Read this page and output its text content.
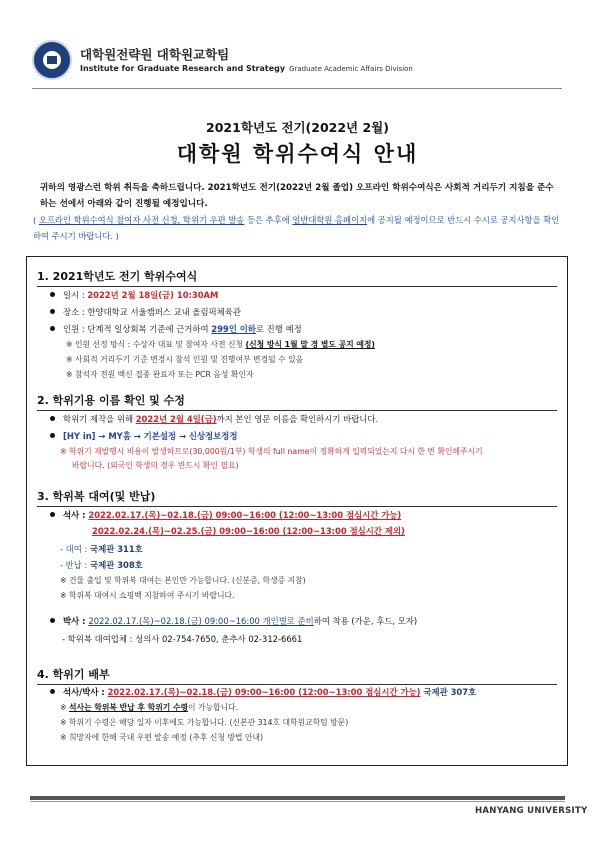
대학원전략원 대학원교학팀
Institute for Graduate Research and Strategy Graduate Academic Affairs Division
2021학년도 전기(2022년 2월)
대학원 학위수여식 안내
귀하의 영광스런 학위 취득을 축하드립니다. 2021학년도 전기(2022년 2월 졸업) 오프라인 학위수여식은 사회적 거리두기 지침을 준수하는 선에서 아래와 같이 진행될 예정입니다.
( 오프라인 학위수여식 참여자 사전 신청, 학위기 우편 발송 등은 추후에 일반대학원 홈페이지에 공지될 예정이므로 반드시 수시로 공지사항을 확인하여 주시기 바랍니다. )
1. 2021학년도 전기 학위수여식
일시 : 2022년 2월 18일(금) 10:30AM
장소 : 한양대학교 서울캠퍼스 교내 올림픽체육관
인원 : 단계적 일상회복 기준에 근거하여 299인 이하로 진행 예정
※ 인원 선정 방식 : 수상자 대표 및 참여자 사전 신청 (신청 방식 1월 말 경 별도 공지 예정)
※ 사회적 거리두기 기준 변경시 참석 인원 및 진행여부 변경될 수 있음
※ 참석자 전원 백신 접종 완료자 또는 PCR 음성 확인자
2. 학위기용 이름 확인 및 수정
학위기 제작을 위해 2022년 2월 4일(금)까지 본인 영문 이름을 확인하시기 바랍니다.
[HY in] → MY홈 → 기본설정 → 신상정보정정
※ 학위기 재발행시 비용이 발생하므로(30,000원/1부) 학생의 full name이 정확하게 입력되었는지 다시 한 번 확인해주시기
바랍니다. (외국인 학생의 경우 반드시 확인 필요)
3. 학위복 대여(및 반납)
석사 : 2022.02.17.(목)~02.18.(금) 09:00~16:00 (12:00~13:00 점심시간 가능)
2022.02.24.(목)~02.25.(금) 09:00~16:00 (12:00~13:00 점심시간 제외)
- 대여 : 국제관 311호
- 반납 : 국제관 308호
※ 건물 출입 및 학위복 대여는 본인만 가능합니다. (신분증, 학생증 지참)
※ 학위복 대여시 쇼핑백 지참하여 주시기 바랍니다.
박사 : 2022.02.17.(목)~02.18.(금) 09:00~16:00 개인별로 준비하여 착용 (가운, 후드, 모자)
- 학위복 대여업체 : 성의사 02-754-7650, 춘추사 02-312-6661
4. 학위기 배부
석사/박사 : 2022.02.17.(목)~02.18.(금) 09:00~16:00 (12:00~13:00 점심시간 가능) 국제관 307호
※ 석사는 학위복 반납 후 학위기 수령이 가능합니다.
※ 학위기 수령은 해당 일자 이후에도 가능합니다. (신본관 314호 대학원교학팀 방문)
※ 희망자에 한해 국내 우편 발송 예정 (추후 신청 방법 안내)
HANYANG UNIVERSITY
